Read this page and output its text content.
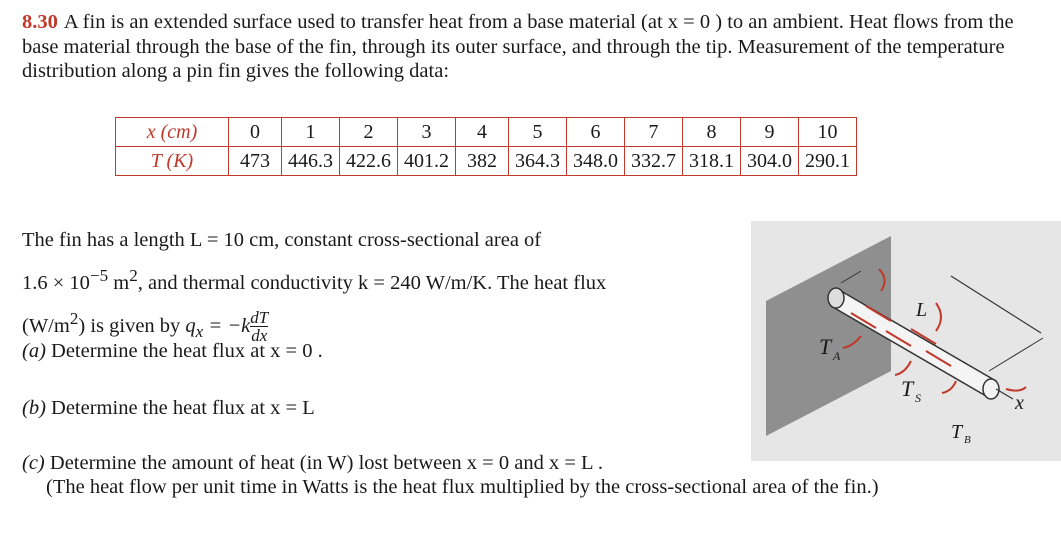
8.30 A fin is an extended surface used to transfer heat from a base material (at x = 0 ) to an ambient. Heat flows from the base material through the base of the fin, through its outer surface, and through the tip. Measurement of the temperature distribution along a pin fin gives the following data:
x (cm)	0	1	2	3	4	5	6	7	8	9	10
T (K)	473	446.3	422.6	401.2	382	364.3	348.0	332.7	318.1	304.0	290.1
The fin has a length L = 10 cm, constant cross-sectional area of
$1.6 \times 10^{-5}$ $m^2$, and thermal conductivity k = 240 W/m/K. The heat flux
$(W/m^2)$ is given by $q_x = -k \frac{dT}{dx}$
(a) Determine the heat flux at x = 0 .
(b) Determine the heat flux at x = L
(c) Determine the amount of heat (in W) lost between x = 0 and x = L .
(The heat flow per unit time in Watts is the heat flux multiplied by the cross-sectional area of the fin.)
L
T A
T S
T B
x
